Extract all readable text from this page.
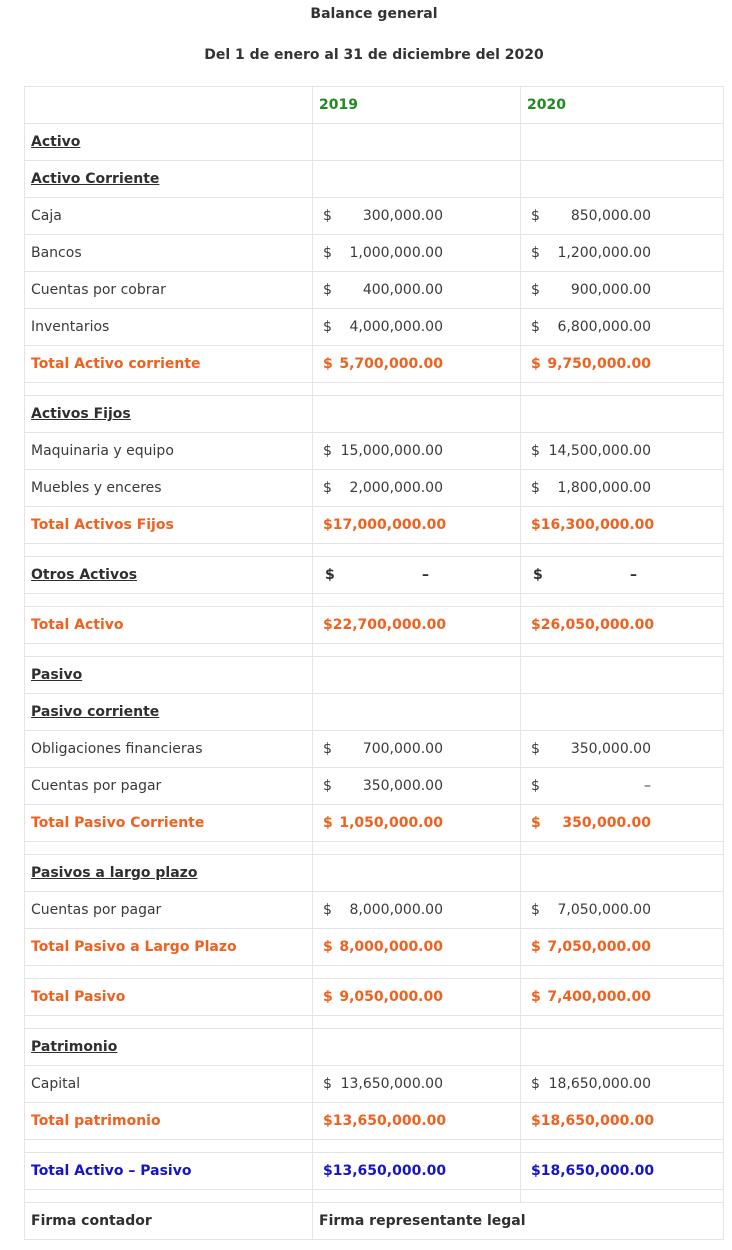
Balance general
Del 1 de enero al 31 de diciembre del 2020
	2019	2020
Activo		
Activo Corriente		
Caja	$ 300,000.00	$ 850,000.00

Bancos	$ 1,000,000.00	$ 1,200,000.00

Cuentas por cobrar	$ 400,000.00	$ 900,000.00

Inventarios	$ 4,000,000.00	$ 6,800,000.00

Total Activo corriente	$ 5,700,000.00	$ 9,750,000.00

Activos Fijos		
Maquinaria y equipo	$ 15,000,000.00	$ 14,500,000.00

Muebles y enceres	$ 2,000,000.00	$ 1,800,000.00

Total Activos Fijos	$ 17,000,000.00	$ 16,300,000.00

Otros Activos	$ –	$ –

Total Activo	$ 22,700,000.00	$ 26,050,000.00

Pasivo		
Pasivo corriente		
Obligaciones financieras	$ 700,000.00	$ 350,000.00

Cuentas por pagar	$ 350,000.00	$ –

Total Pasivo Corriente	$ 1,050,000.00	$ 350,000.00

Pasivos a largo plazo		
Cuentas por pagar	$ 8,000,000.00	$ 7,050,000.00

Total Pasivo a Largo Plazo	$ 8,000,000.00	$ 7,050,000.00

Total Pasivo	$ 9,050,000.00	$ 7,400,000.00

Patrimonio		
Capital	$ 13,650,000.00	$ 18,650,000.00

Total patrimonio	$ 13,650,000.00	$ 18,650,000.00

Total Activo – Pasivo	$ 13,650,000.00	$ 18,650,000.00

Firma contador	Firma representante legal	
